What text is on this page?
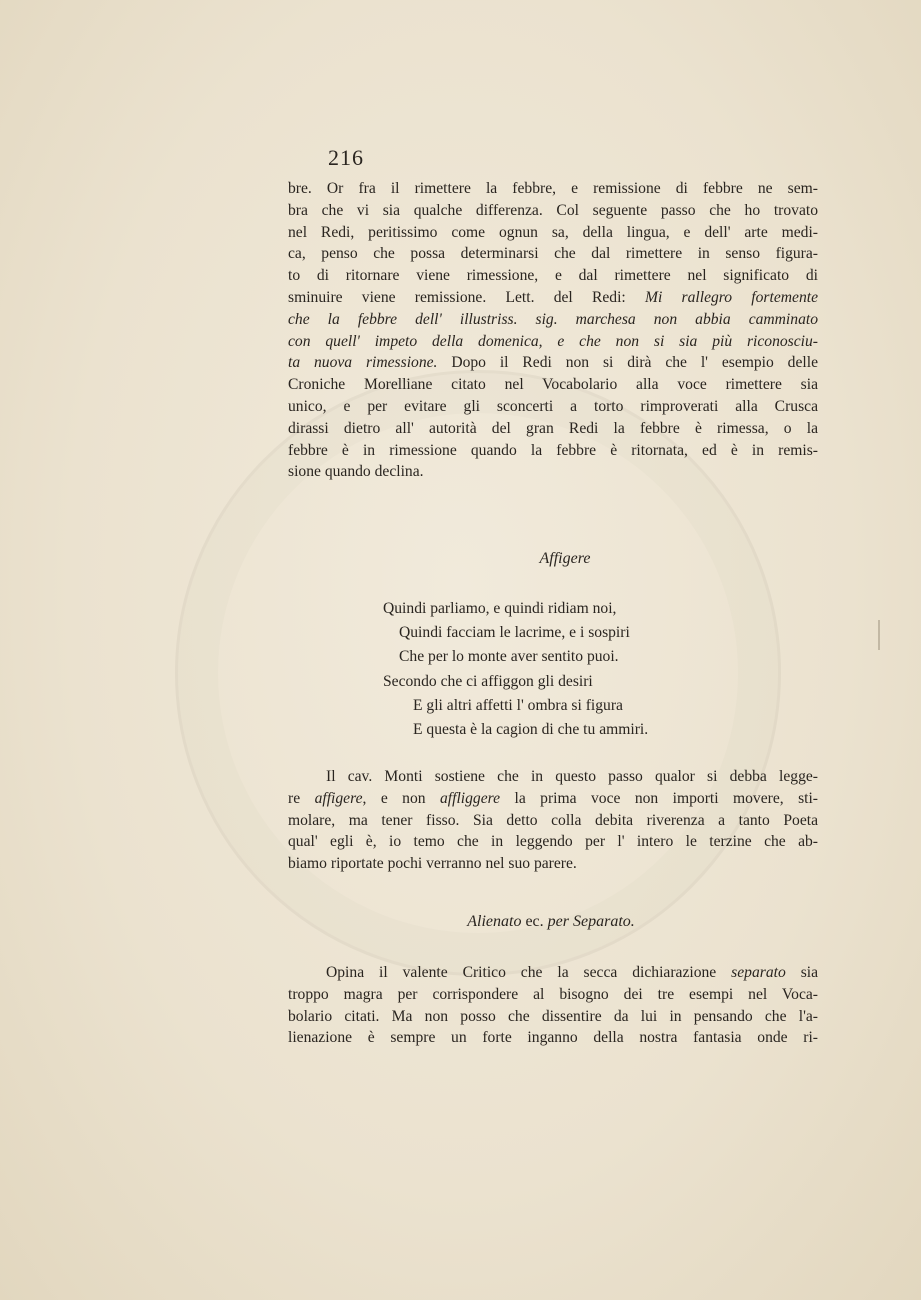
216
bre. Or fra il rimettere la febbre, e remissione di febbre ne sem-
bra che vi sia qualche differenza. Col seguente passo che ho trovato
nel Redi, peritissimo come ognun sa, della lingua, e dell' arte medi-
ca, penso che possa determinarsi che dal rimettere in senso figura-
to di ritornare viene rimessione, e dal rimettere nel significato di
sminuire viene remissione. Lett. del Redi: Mi rallegro fortemente
che la febbre dell' illustriss. sig. marchesa non abbia camminato
con quell' impeto della domenica, e che non si sia più riconosciu-
ta nuova rimessione. Dopo il Redi non si dirà che l' esempio delle
Croniche Morelliane citato nel Vocabolario alla voce rimettere sia
unico, e per evitare gli sconcerti a torto rimproverati alla Crusca
dirassi dietro all' autorità del gran Redi la febbre è rimessa, o la
febbre è in rimessione quando la febbre è ritornata, ed è in remis-
sione quando declina.
Affigere
Quindi parliamo, e quindi ridiam noi,
Quindi facciam le lacrime, e i sospiri
Che per lo monte aver sentito puoi.
Secondo che ci affiggon gli desiri
E gli altri affetti l' ombra si figura
E questa è la cagion di che tu ammiri.
Il cav. Monti sostiene che in questo passo qualor si debba legge-
re affigere, e non affliggere la prima voce non importi movere, sti-
molare, ma tener fisso. Sia detto colla debita riverenza a tanto Poeta
qual' egli è, io temo che in leggendo per l' intero le terzine che ab-
biamo riportate pochi verranno nel suo parere.
Alienato ec. per Separato.
Opina il valente Critico che la secca dichiarazione separato sia
troppo magra per corrispondere al bisogno dei tre esempi nel Voca-
bolario citati. Ma non posso che dissentire da lui in pensando che l'a-
lienazione è sempre un forte inganno della nostra fantasia onde ri-
